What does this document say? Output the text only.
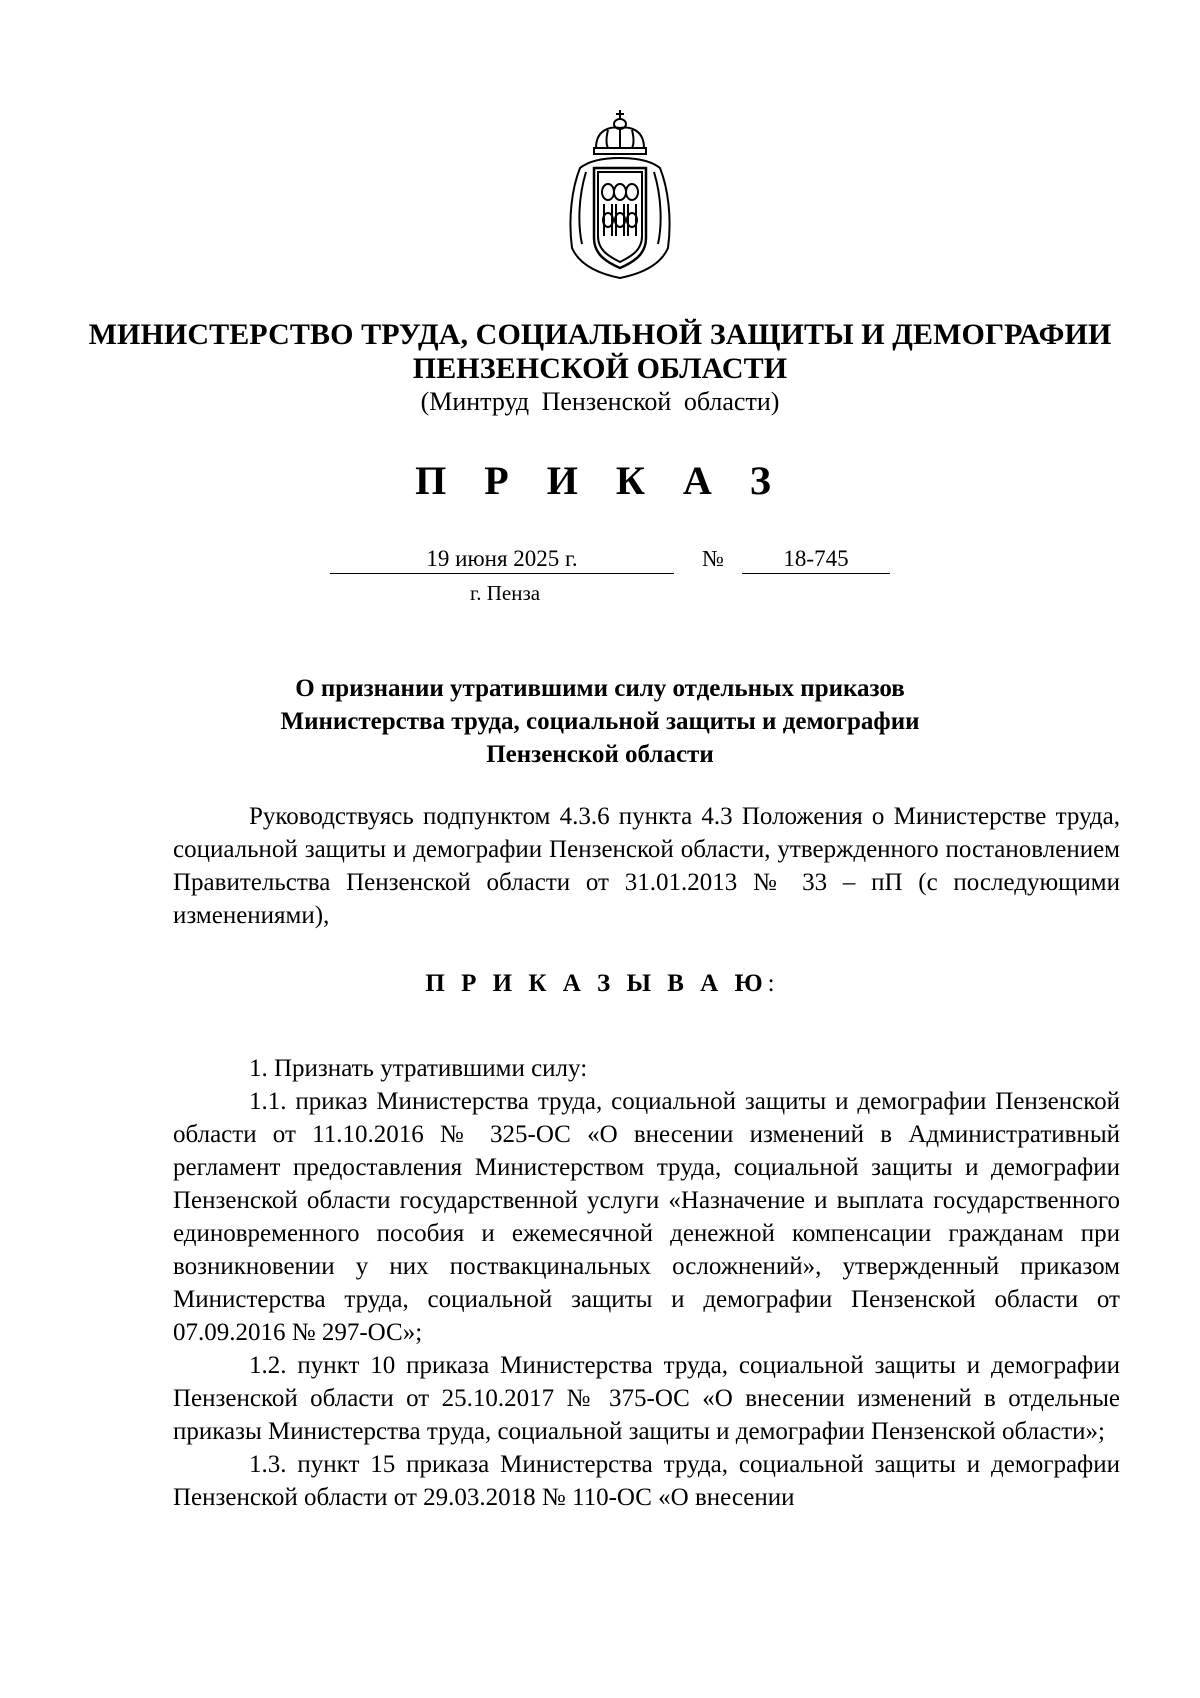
МИНИСТЕРСТВО ТРУДА, СОЦИАЛЬНОЙ ЗАЩИТЫ И ДЕМОГРАФИИ
ПЕНЗЕНСКОЙ ОБЛАСТИ
(Минтруд Пензенской области)
П Р И К А З
19 июня 2025 г.	№	18-745
г. Пенза
О признании утратившими силу отдельных приказов
Министерства труда, социальной защиты и демографии
Пензенской области

Руководствуясь подпунктом 4.3.6 пункта 4.3 Положения о Министерстве труда, социальной защиты и демографии Пензенской области, утвержденного постановлением Правительства Пензенской области от 31.01.2013 № 33 – пП (с последующими изменениями),

П Р И К А З Ы В А Ю:

1. Признать утратившими силу:

1.1. приказ Министерства труда, социальной защиты и демографии Пензенской области от 11.10.2016 № 325-ОС «О внесении изменений в Административный регламент предоставления Министерством труда, социальной защиты и демографии Пензенской области государственной услуги «Назначение и выплата государственного единовременного пособия и ежемесячной денежной компенсации гражданам при возникновении у них поствакцинальных осложнений», утвержденный приказом Министерства труда, социальной защиты и демографии Пензенской области от 07.09.2016 № 297-ОС»;

1.2. пункт 10 приказа Министерства труда, социальной защиты и демографии Пензенской области от 25.10.2017 № 375-ОС «О внесении изменений в отдельные приказы Министерства труда, социальной защиты и демографии Пензенской области»;

1.3. пункт 15 приказа Министерства труда, социальной защиты и демографии Пензенской области от 29.03.2018 № 110-ОС «О внесении
